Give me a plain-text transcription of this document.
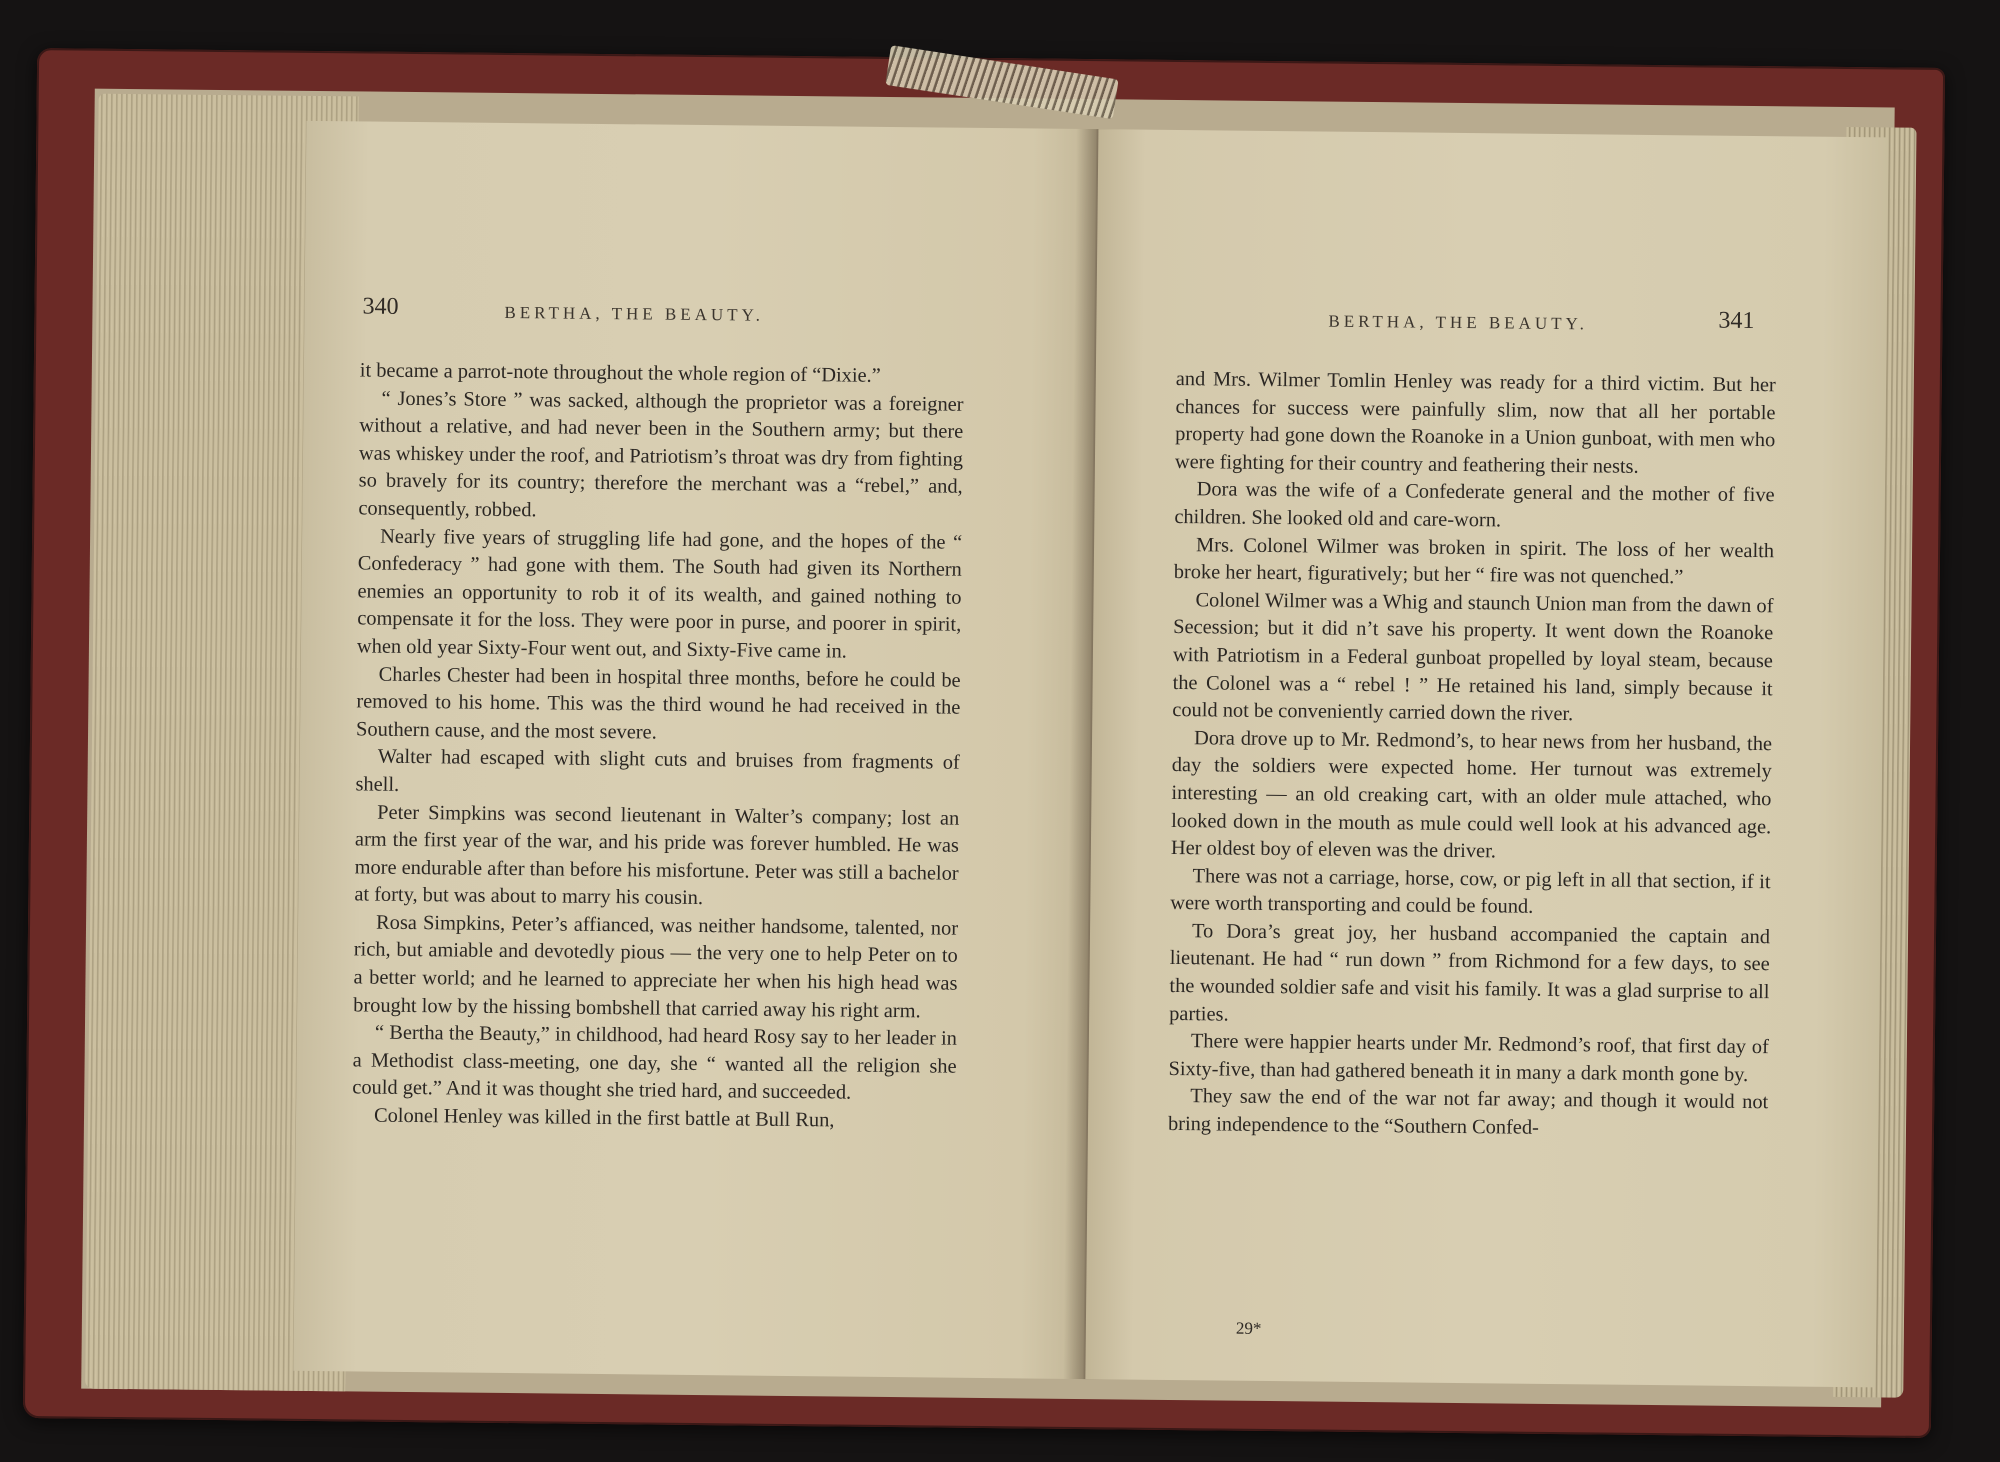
340	BERTHA, THE BEAUTY.

it became a parrot-note throughout the whole region of “Dixie.”

“ Jones’s Store ” was sacked, although the proprietor was a foreigner without a relative, and had never been in the Southern army; but there was whiskey under the roof, and Patriotism’s throat was dry from fighting so bravely for its country; therefore the merchant was a “rebel,” and, consequently, robbed.

Nearly five years of struggling life had gone, and the hopes of the “ Confederacy ” had gone with them. The South had given its Northern enemies an opportunity to rob it of its wealth, and gained nothing to compensate it for the loss. They were poor in purse, and poorer in spirit, when old year Sixty-Four went out, and Sixty-Five came in.

Charles Chester had been in hospital three months, before he could be removed to his home. This was the third wound he had received in the Southern cause, and the most severe.

Walter had escaped with slight cuts and bruises from fragments of shell.

Peter Simpkins was second lieutenant in Walter’s company; lost an arm the first year of the war, and his pride was forever humbled. He was more endurable after than before his misfortune. Peter was still a bachelor at forty, but was about to marry his cousin.

Rosa Simpkins, Peter’s affianced, was neither handsome, talented, nor rich, but amiable and devotedly pious — the very one to help Peter on to a better world; and he learned to appreciate her when his high head was brought low by the hissing bombshell that carried away his right arm.

“ Bertha the Beauty,” in childhood, had heard Rosy say to her leader in a Methodist class-meeting, one day, she “ wanted all the religion she could get.” And it was thought she tried hard, and succeeded.

Colonel Henley was killed in the first battle at Bull Run,

BERTHA, THE BEAUTY.	341

and Mrs. Wilmer Tomlin Henley was ready for a third victim. But her chances for success were painfully slim, now that all her portable property had gone down the Roanoke in a Union gunboat, with men who were fighting for their country and feathering their nests.

Dora was the wife of a Confederate general and the mother of five children. She looked old and care-worn.

Mrs. Colonel Wilmer was broken in spirit. The loss of her wealth broke her heart, figuratively; but her “ fire was not quenched.”

Colonel Wilmer was a Whig and staunch Union man from the dawn of Secession; but it did n’t save his property. It went down the Roanoke with Patriotism in a Federal gunboat propelled by loyal steam, because the Colonel was a “ rebel ! ” He retained his land, simply because it could not be conveniently carried down the river.

Dora drove up to Mr. Redmond’s, to hear news from her husband, the day the soldiers were expected home. Her turnout was extremely interesting — an old creaking cart, with an older mule attached, who looked down in the mouth as mule could well look at his advanced age. Her oldest boy of eleven was the driver.

There was not a carriage, horse, cow, or pig left in all that section, if it were worth transporting and could be found.

To Dora’s great joy, her husband accompanied the captain and lieutenant. He had “ run down ” from Richmond for a few days, to see the wounded soldier safe and visit his family. It was a glad surprise to all parties.

There were happier hearts under Mr. Redmond’s roof, that first day of Sixty-five, than had gathered beneath it in many a dark month gone by.

They saw the end of the war not far away; and though it would not bring independence to the “Southern Confed-

29*
